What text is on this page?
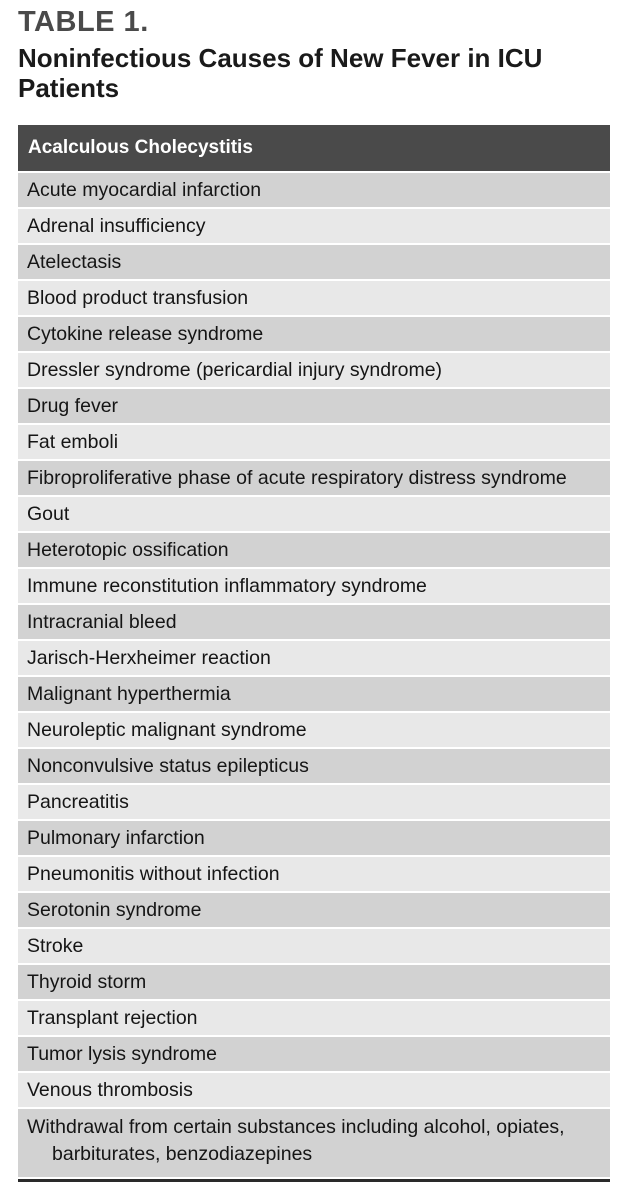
TABLE 1.
Noninfectious Causes of New Fever in ICU Patients
Acalculous Cholecystitis
Acute myocardial infarction
Adrenal insufficiency
Atelectasis
Blood product transfusion
Cytokine release syndrome
Dressler syndrome (pericardial injury syndrome)
Drug fever
Fat emboli
Fibroproliferative phase of acute respiratory distress syndrome
Gout
Heterotopic ossification
Immune reconstitution inflammatory syndrome
Intracranial bleed
Jarisch-Herxheimer reaction
Malignant hyperthermia
Neuroleptic malignant syndrome
Nonconvulsive status epilepticus
Pancreatitis
Pulmonary infarction
Pneumonitis without infection
Serotonin syndrome
Stroke
Thyroid storm
Transplant rejection
Tumor lysis syndrome
Venous thrombosis
Withdrawal from certain substances including alcohol, opiates, barbiturates, benzodiazepines
